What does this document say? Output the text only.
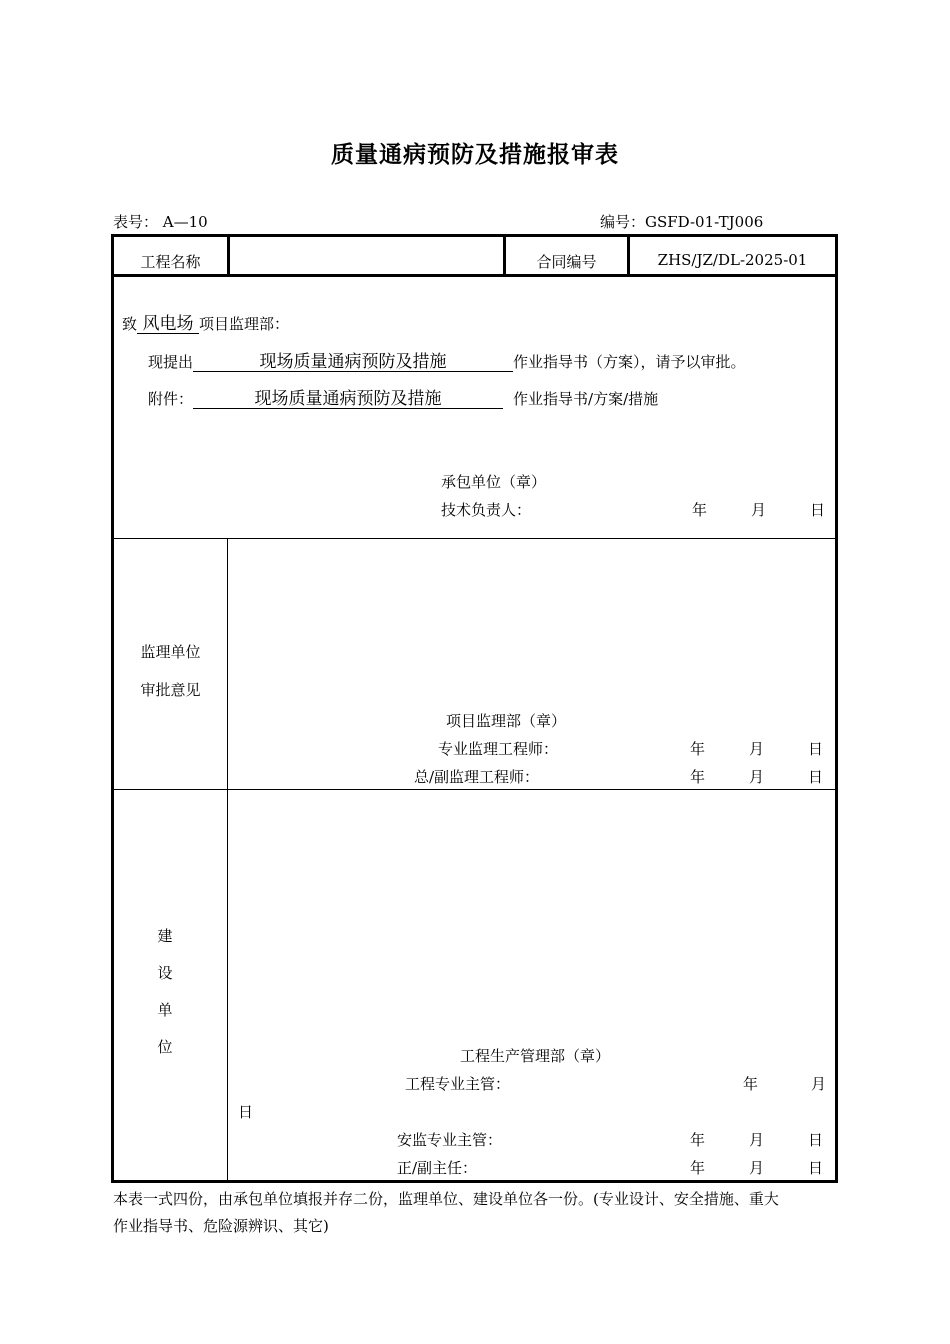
质量通病预防及措施报审表
表号： A—10	编号：GSFD-01-TJ006
工程名称	合同编号	ZHS/JZ/DL-2025-01
致风电场 项目监理部：
现提出	现场质量通病预防及措施	作业指导书（方案），请予以审批。
附件：	现场质量通病预防及措施	作业指导书/方案/措施
承包单位（章）
技术负责人：	年	月	日
监理单位
审批意见
项目监理部（章）
专业监理工程师：	年	月	日
总/副监理工程师：	年	月	日
建
设
单
位	工程生产管理部（章）
工程专业主管：	年	月
日
安监专业主管：	年	月	日
正/副主任：	年	月	日
本表一式四份，由承包单位填报并存二份，监理单位、建设单位各一份。(专业设计、安全措施、重大
作业指导书、危险源辨识、其它)
